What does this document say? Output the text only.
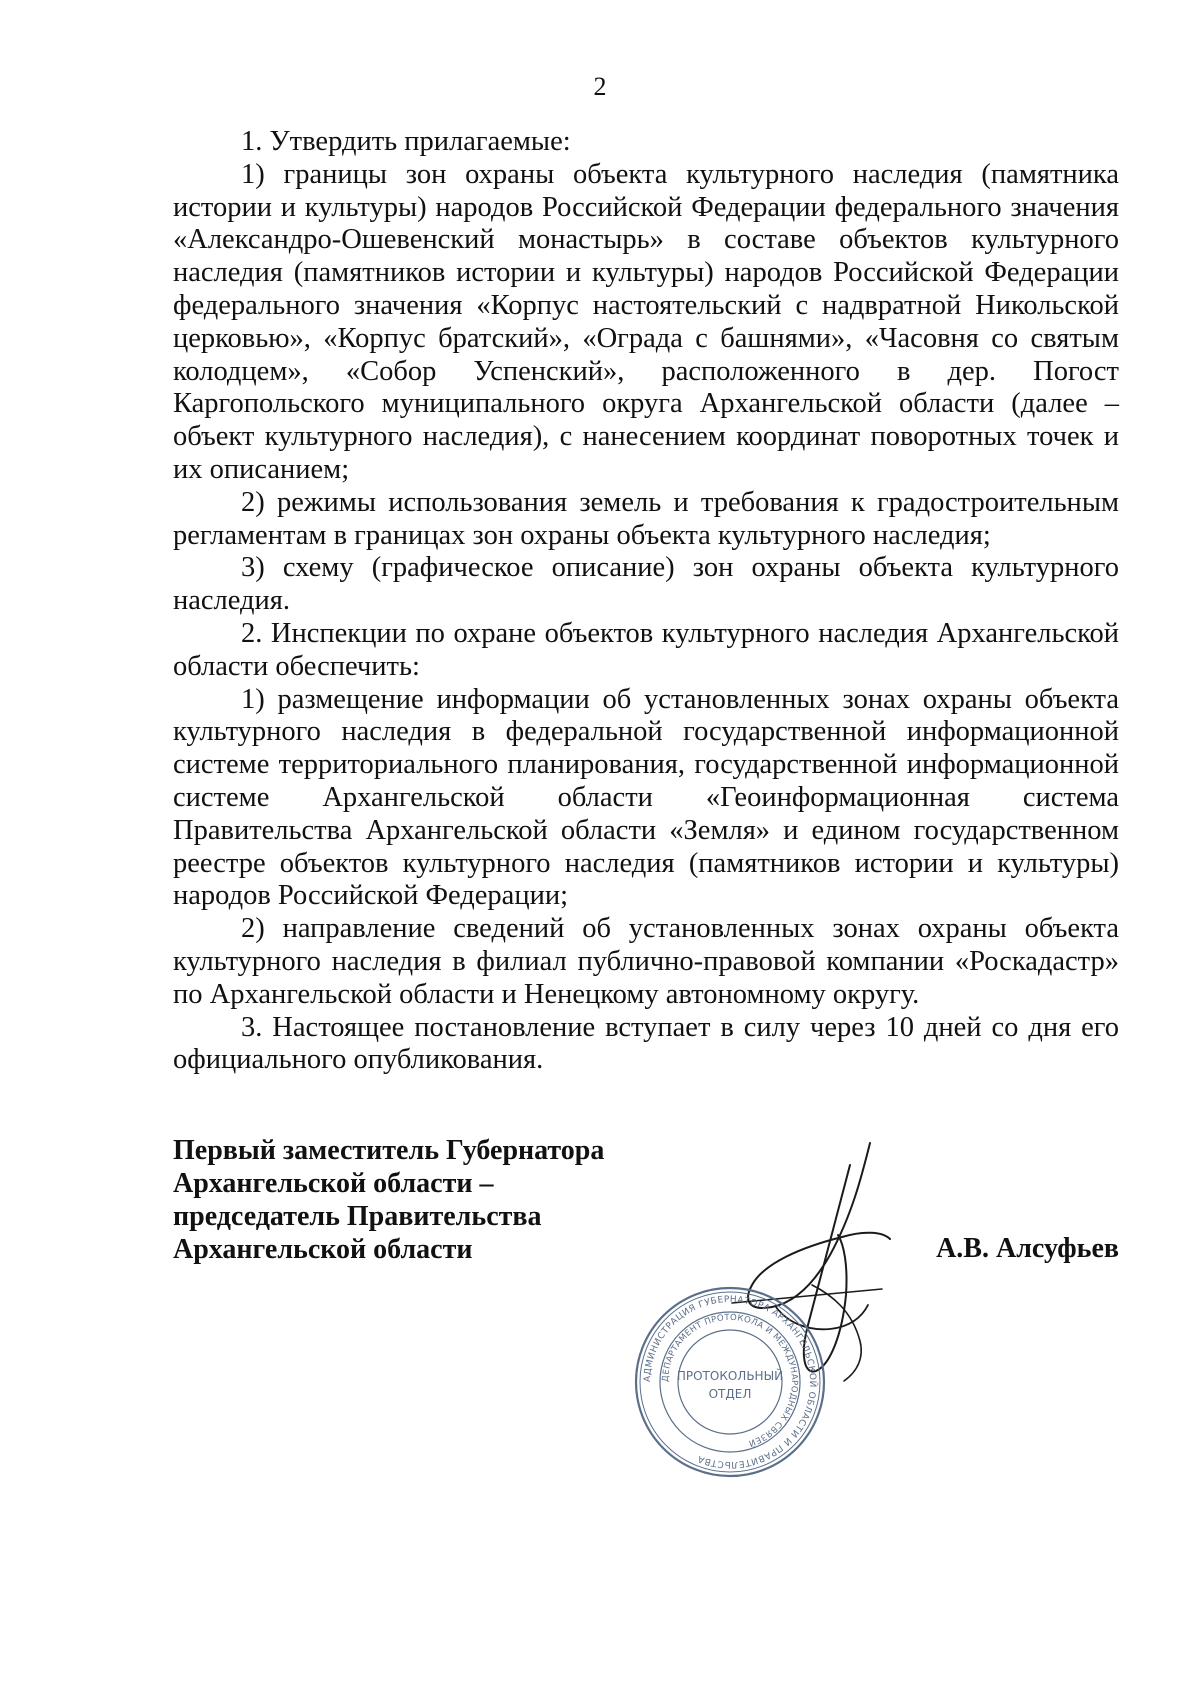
2

1. Утвердить прилагаемые:

1) границы зон охраны объекта культурного наследия (памятника истории и культуры) народов Российской Федерации федерального значения «Александро-Ошевенский монастырь» в составе объектов культурного наследия (памятников истории и культуры) народов Российской Федерации федерального значения «Корпус настоятельский с надвратной Никольской церковью», «Корпус братский», «Ограда с башнями», «Часовня со святым колодцем», «Собор Успенский», расположенного в дер. Погост Каргопольского муниципального округа Архангельской области (далее – объект культурного наследия), с нанесением координат поворотных точек и их описанием;

2) режимы использования земель и требования к градостроительным регламентам в границах зон охраны объекта культурного наследия;

3) схему (графическое описание) зон охраны объекта культурного наследия.

2. Инспекции по охране объектов культурного наследия Архангельской области обеспечить:

1) размещение информации об установленных зонах охраны объекта культурного наследия в федеральной государственной информационной системе территориального планирования, государственной информационной системе Архангельской области «Геоинформационная система Правительства Архангельской области «Земля» и едином государственном реестре объектов культурного наследия (памятников истории и культуры) народов Российской Федерации;

2) направление сведений об установленных зонах охраны объекта культурного наследия в филиал публично-правовой компании «Роскадастр» по Архангельской области и Ненецкому автономному округу.

3. Настоящее постановление вступает в силу через 10 дней со дня его официального опубликования.

Первый заместитель Губернатора
Архангельской области –
председатель Правительства
Архангельской области	А.В. Алсуфьев
АДМИНИСТРАЦИЯ ГУБЕРНАТОРА АРХАНГЕЛЬСКОЙ ОБЛАСТИ И ПРАВИТЕЛЬСТВА
ДЕПАРТАМЕНТ ПРОТОКОЛА И МЕЖДУНАРОДНЫХ СВЯЗЕЙ
ПРОТОКОЛЬНЫЙ
ОТДЕЛ
